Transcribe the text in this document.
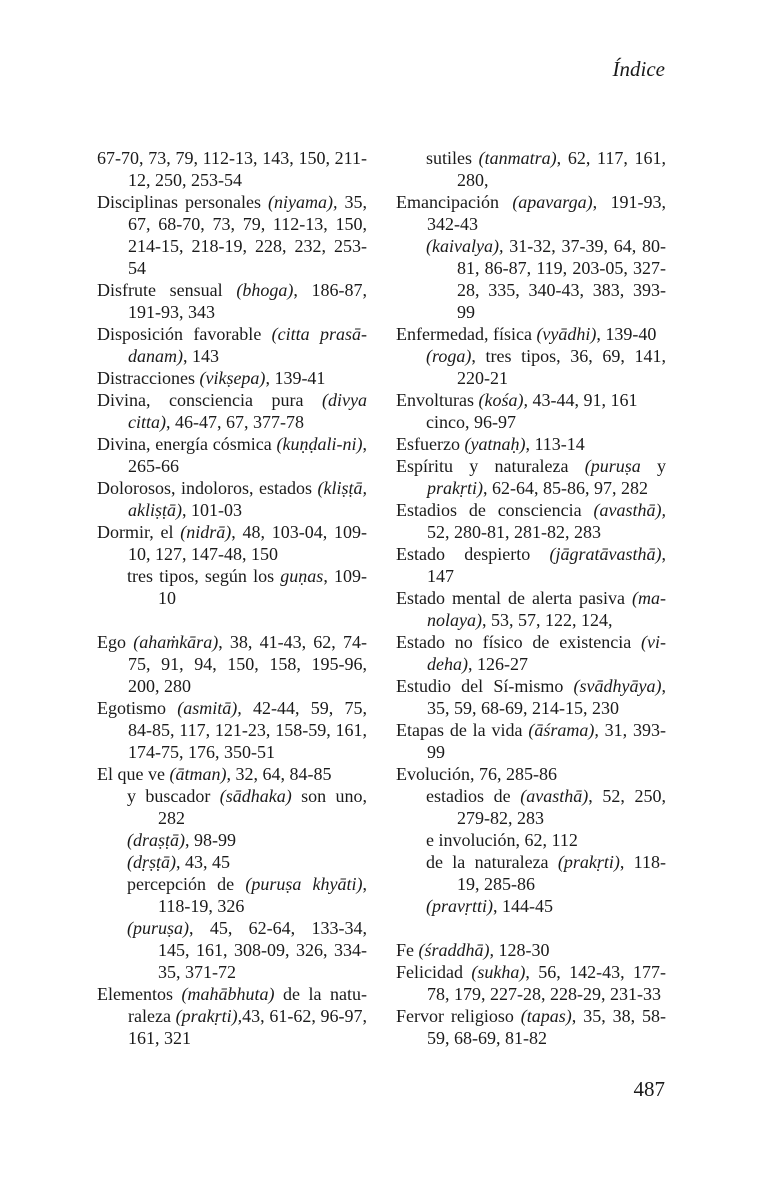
Índice
67-70, 73, 79, 112-13, 143, 150, 211-12, 250, 253-54
Disciplinas personales (niyama), 35, 67, 68-70, 73, 79, 112-13, 150, 214-15, 218-19, 228, 232, 253-54
Disfrute sensual (bhoga), 186-87, 191-93, 343
Disposición favorable (citta prasā-danam), 143
Distracciones (vikṣepa), 139-41
Divina, consciencia pura (divya citta), 46-47, 67, 377-78
Divina, energía cósmica (kuṇḍali-ni), 265-66
Dolorosos, indoloros, estados (kliṣṭā, akliṣṭā), 101-03
Dormir, el (nidrā), 48, 103-04, 109-10, 127, 147-48, 150
tres tipos, según los guṇas, 109-10
Ego (ahaṁkāra), 38, 41-43, 62, 74-75, 91, 94, 150, 158, 195-96, 200, 280
Egotismo (asmitā), 42-44, 59, 75, 84-85, 117, 121-23, 158-59, 161, 174-75, 176, 350-51
El que ve (ātman), 32, 64, 84-85
y buscador (sādhaka) son uno, 282
(draṣṭā), 98-99
(dṛṣṭā), 43, 45
percepción de (puruṣa khyāti), 118-19, 326
(puruṣa), 45, 62-64, 133-34, 145, 161, 308-09, 326, 334-35, 371-72
Elementos (mahābhuta) de la natu-raleza (prakṛti),43, 61-62, 96-97, 161, 321
sutiles (tanmatra), 62, 117, 161, 280,
Emancipación (apavarga), 191-93, 342-43
(kaivalya), 31-32, 37-39, 64, 80-81, 86-87, 119, 203-05, 327-28, 335, 340-43, 383, 393-99
Enfermedad, física (vyādhi), 139-40
(roga), tres tipos, 36, 69, 141, 220-21
Envolturas (kośa), 43-44, 91, 161
cinco, 96-97
Esfuerzo (yatnaḥ), 113-14
Espíritu y naturaleza (puruṣa y prakṛti), 62-64, 85-86, 97, 282
Estadios de consciencia (avasthā), 52, 280-81, 281-82, 283
Estado despierto (jāgratāvasthā), 147
Estado mental de alerta pasiva (ma-nolaya), 53, 57, 122, 124,
Estado no físico de existencia (vi-deha), 126-27
Estudio del Sí-mismo (svādhyāya), 35, 59, 68-69, 214-15, 230
Etapas de la vida (āśrama), 31, 393-99
Evolución, 76, 285-86
estadios de (avasthā), 52, 250, 279-82, 283
e involución, 62, 112
de la naturaleza (prakṛti), 118-19, 285-86
(pravṛtti), 144-45
Fe (śraddhā), 128-30
Felicidad (sukha), 56, 142-43, 177-78, 179, 227-28, 228-29, 231-33
Fervor religioso (tapas), 35, 38, 58-59, 68-69, 81-82
487
